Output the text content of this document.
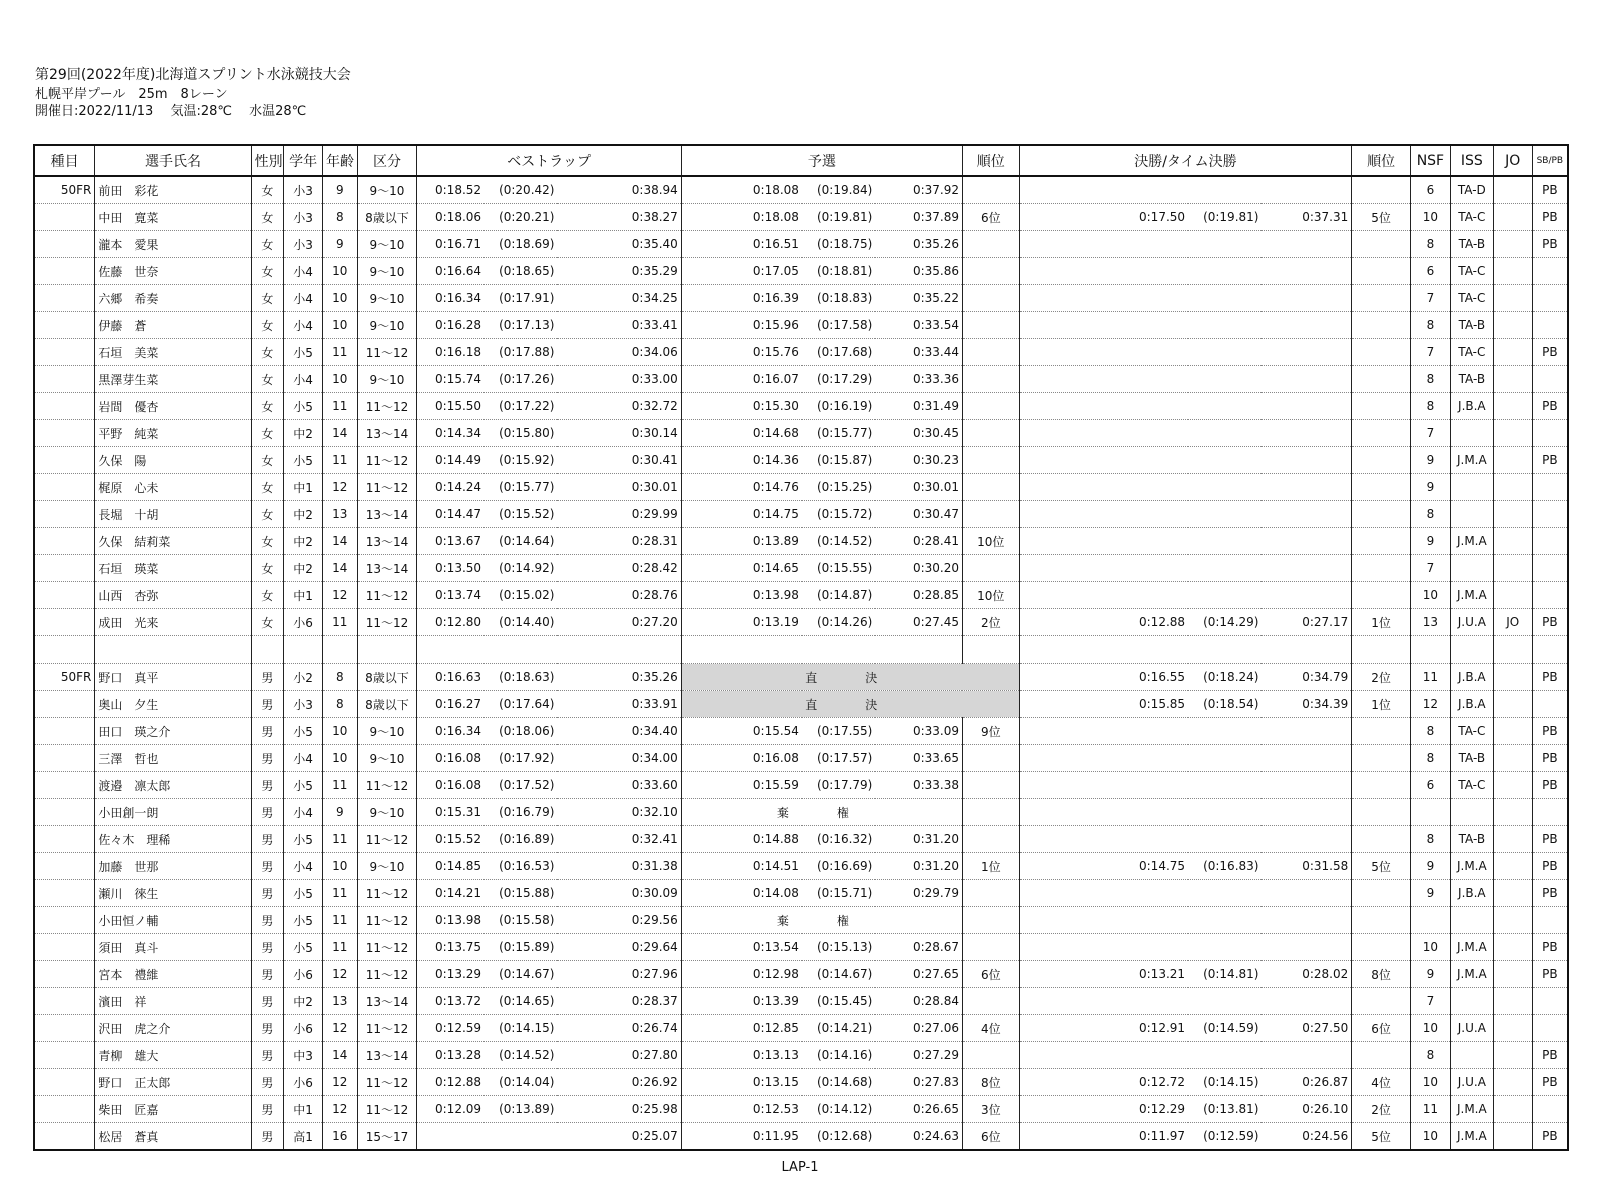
第29回(2022年度)北海道スプリント水泳競技大会
札幌平岸プール　25m　8レーン
開催日:2022/11/13　 気温:28℃　 水温28℃
種目	選手氏名	性別	学年	年齢	区分	ベストラップ			予選			順位	決勝/タイム決勝			順位	NSF	ISS	JO	SB/PB
50FR	前田　彩花	女	小3	9	9～10	0:18.52	(0:20.42)	0:38.94	0:18.08	(0:19.84)	0:37.92						6	TA-D		PB
	中田　寛菜	女	小3	8	8歳以下	0:18.06	(0:20.21)	0:38.27	0:18.08	(0:19.81)	0:37.89	6位	0:17.50	(0:19.81)	0:37.31	5位	10	TA-C		PB
	瀧本　愛果	女	小3	9	9～10	0:16.71	(0:18.69)	0:35.40	0:16.51	(0:18.75)	0:35.26						8	TA-B		PB
	佐藤　世奈	女	小4	10	9～10	0:16.64	(0:18.65)	0:35.29	0:17.05	(0:18.81)	0:35.86						6	TA-C		
	六郷　希奏	女	小4	10	9～10	0:16.34	(0:17.91)	0:34.25	0:16.39	(0:18.83)	0:35.22						7	TA-C		
	伊藤　蒼	女	小4	10	9～10	0:16.28	(0:17.13)	0:33.41	0:15.96	(0:17.58)	0:33.54						8	TA-B		
	石垣　美菜	女	小5	11	11～12	0:16.18	(0:17.88)	0:34.06	0:15.76	(0:17.68)	0:33.44						7	TA-C		PB
	黒澤芽生菜	女	小4	10	9～10	0:15.74	(0:17.26)	0:33.00	0:16.07	(0:17.29)	0:33.36						8	TA-B		
	岩間　優杏	女	小5	11	11～12	0:15.50	(0:17.22)	0:32.72	0:15.30	(0:16.19)	0:31.49						8	J.B.A		PB
	平野　純菜	女	中2	14	13～14	0:14.34	(0:15.80)	0:30.14	0:14.68	(0:15.77)	0:30.45						7			
	久保　陽	女	小5	11	11～12	0:14.49	(0:15.92)	0:30.41	0:14.36	(0:15.87)	0:30.23						9	J.M.A		PB
	梶原　心未	女	中1	12	11～12	0:14.24	(0:15.77)	0:30.01	0:14.76	(0:15.25)	0:30.01						9			
	長堀　十胡	女	中2	13	13～14	0:14.47	(0:15.52)	0:29.99	0:14.75	(0:15.72)	0:30.47						8			
	久保　結莉菜	女	中2	14	13～14	0:13.67	(0:14.64)	0:28.31	0:13.89	(0:14.52)	0:28.41	10位					9	J.M.A		
	石垣　瑛菜	女	中2	14	13～14	0:13.50	(0:14.92)	0:28.42	0:14.65	(0:15.55)	0:30.20						7			
	山西　杏弥	女	中1	12	11～12	0:13.74	(0:15.02)	0:28.76	0:13.98	(0:14.87)	0:28.85	10位					10	J.M.A		
	成田　光来	女	小6	11	11～12	0:12.80	(0:14.40)	0:27.20	0:13.19	(0:14.26)	0:27.45	2位	0:12.88	(0:14.29)	0:27.17	1位	13	J.U.A	JO	PB

50FR	野口　真平	男	小2	8	8歳以下	0:16.63	(0:18.63)	0:35.26	直　決				0:16.55	(0:18.24)	0:34.79	2位	11	J.B.A		PB
	奥山　夕生	男	小3	8	8歳以下	0:16.27	(0:17.64)	0:33.91	直　決				0:15.85	(0:18.54)	0:34.39	1位	12	J.B.A		
	田口　瑛之介	男	小5	10	9～10	0:16.34	(0:18.06)	0:34.40	0:15.54	(0:17.55)	0:33.09	9位					8	TA-C		PB
	三澤　哲也	男	小4	10	9～10	0:16.08	(0:17.92)	0:34.00	0:16.08	(0:17.57)	0:33.65						8	TA-B		PB
	渡邉　凛太郎	男	小5	11	11～12	0:16.08	(0:17.52)	0:33.60	0:15.59	(0:17.79)	0:33.38						6	TA-C		PB
	小田創一朗	男	小4	9	9～10	0:15.31	(0:16.79)	0:32.10	棄　権											
	佐々木　理稀	男	小5	11	11～12	0:15.52	(0:16.89)	0:32.41	0:14.88	(0:16.32)	0:31.20						8	TA-B		PB
	加藤　世那	男	小4	10	9～10	0:14.85	(0:16.53)	0:31.38	0:14.51	(0:16.69)	0:31.20	1位	0:14.75	(0:16.83)	0:31.58	5位	9	J.M.A		PB
	瀬川　徠生	男	小5	11	11～12	0:14.21	(0:15.88)	0:30.09	0:14.08	(0:15.71)	0:29.79						9	J.B.A		PB
	小田恒ノ輔	男	小5	11	11～12	0:13.98	(0:15.58)	0:29.56	棄　権											
	須田　真斗	男	小5	11	11～12	0:13.75	(0:15.89)	0:29.64	0:13.54	(0:15.13)	0:28.67						10	J.M.A		PB
	宮本　禮維	男	小6	12	11～12	0:13.29	(0:14.67)	0:27.96	0:12.98	(0:14.67)	0:27.65	6位	0:13.21	(0:14.81)	0:28.02	8位	9	J.M.A		PB
	濱田　祥	男	中2	13	13～14	0:13.72	(0:14.65)	0:28.37	0:13.39	(0:15.45)	0:28.84						7			
	沢田　虎之介	男	小6	12	11～12	0:12.59	(0:14.15)	0:26.74	0:12.85	(0:14.21)	0:27.06	4位	0:12.91	(0:14.59)	0:27.50	6位	10	J.U.A		
	青柳　雄大	男	中3	14	13～14	0:13.28	(0:14.52)	0:27.80	0:13.13	(0:14.16)	0:27.29						8			PB
	野口　正太郎	男	小6	12	11～12	0:12.88	(0:14.04)	0:26.92	0:13.15	(0:14.68)	0:27.83	8位	0:12.72	(0:14.15)	0:26.87	4位	10	J.U.A		PB
	柴田　匠嘉	男	中1	12	11～12	0:12.09	(0:13.89)	0:25.98	0:12.53	(0:14.12)	0:26.65	3位	0:12.29	(0:13.81)	0:26.10	2位	11	J.M.A		
	松居　蒼真	男	高1	16	15～17			0:25.07	0:11.95	(0:12.68)	0:24.63	6位	0:11.97	(0:12.59)	0:24.56	5位	10	J.M.A		PB
LAP-1
